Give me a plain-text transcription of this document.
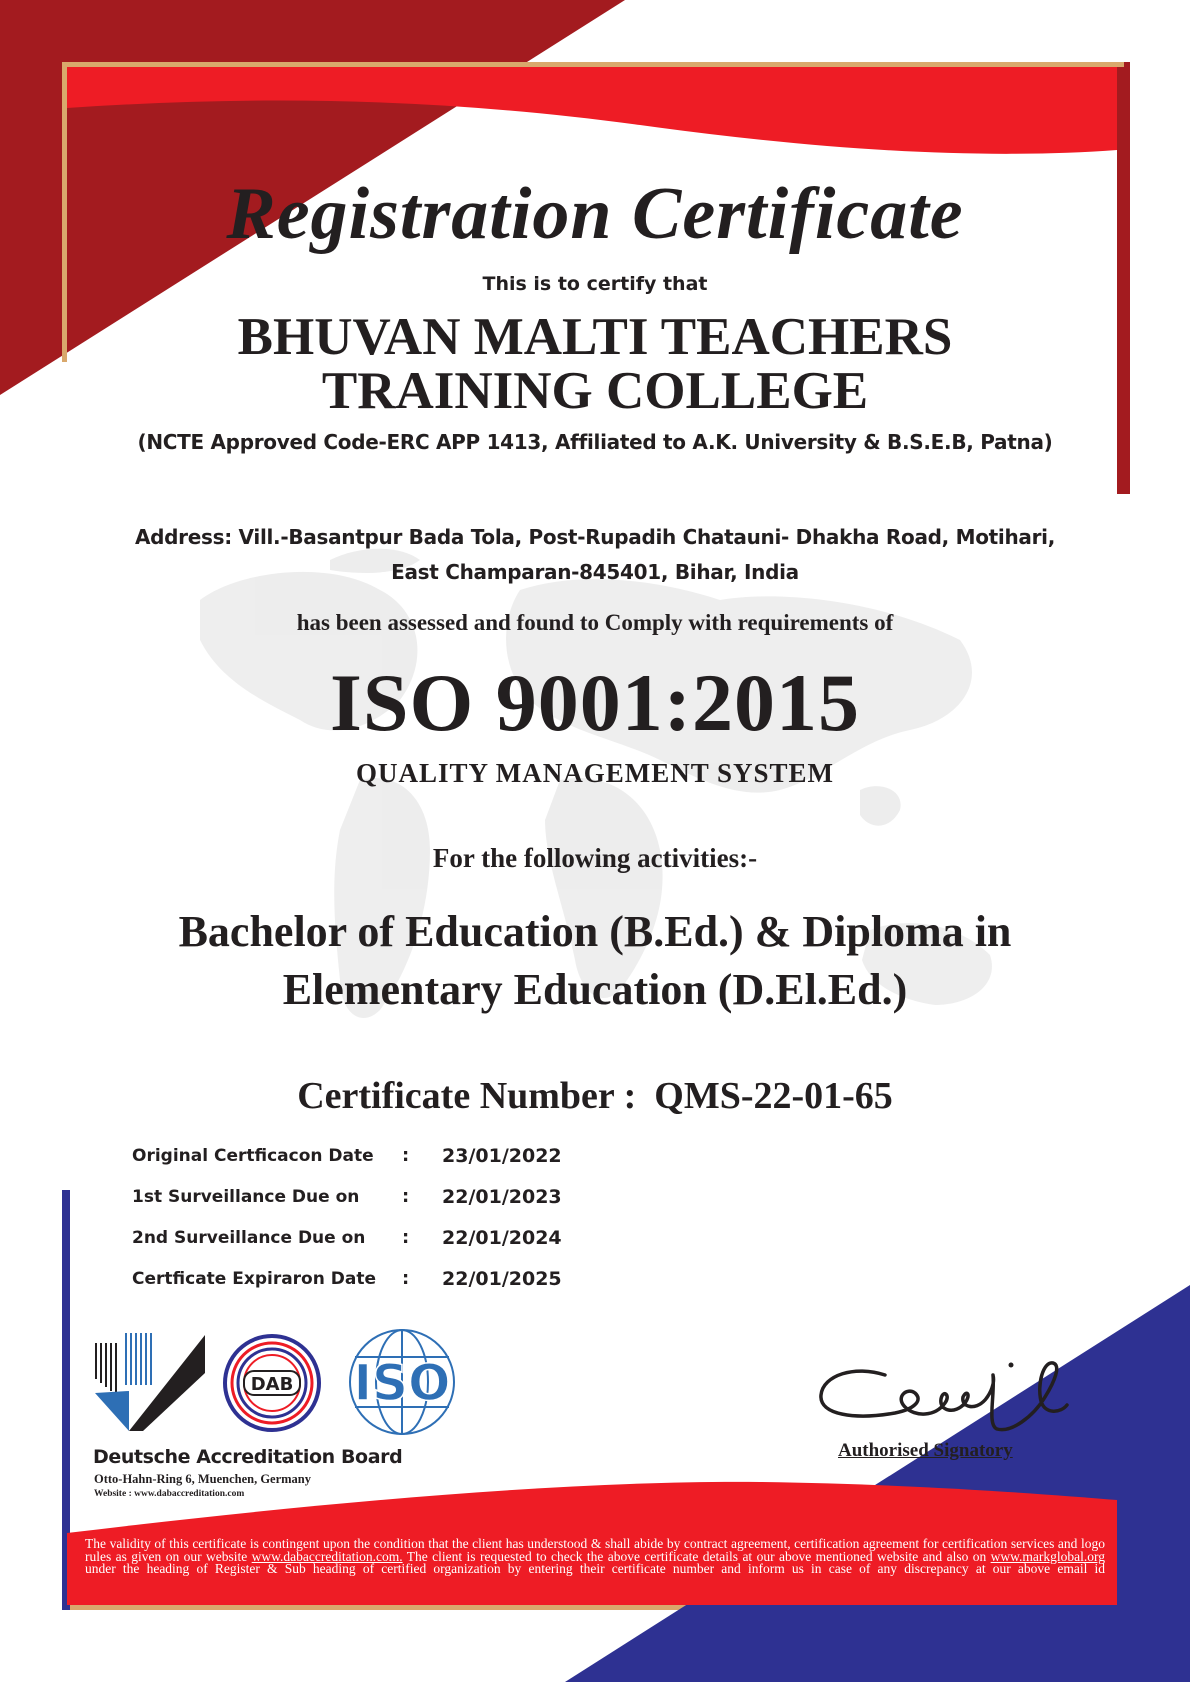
Registration Certificate
This is to certify that
BHUVAN MALTI TEACHERS
TRAINING COLLEGE
(NCTE Approved Code-ERC APP 1413, Affiliated to A.K. University & B.S.E.B, Patna)
Address: Vill.-Basantpur Bada Tola, Post-Rupadih Chatauni- Dhakha Road, Motihari,
East Champaran-845401, Bihar, India
has been assessed and found to Comply with requirements of
ISO 9001:2015
QUALITY MANAGEMENT SYSTEM
For the following activities:-
Bachelor of Education (B.Ed.) & Diploma in
Elementary Education (D.El.Ed.)
Certificate Number : QMS-22-01-65
Original Certficacon Date	:	23/01/2022
1st Surveillance Due on	:	22/01/2023
2nd Surveillance Due on	:	22/01/2024
Certficate Expiraron Date	:	22/01/2025
DAB ISO
Deutsche Accreditation Board
Otto-Hahn-Ring 6, Muenchen, Germany
Website : www.dabaccreditation.com
Authorised Signatory
The validity of this certificate is contingent upon the condition that the client has understood & shall abide by contract agreement, certification agreement for certification services and logo rules as given on our website www.dabaccreditation.com. The client is requested to check the above certificate details at our above mentioned website and also on www.markglobal.org under the heading of Register & Sub heading of certified organization by entering their certificate number and inform us in case of any discrepancy at our above email id
